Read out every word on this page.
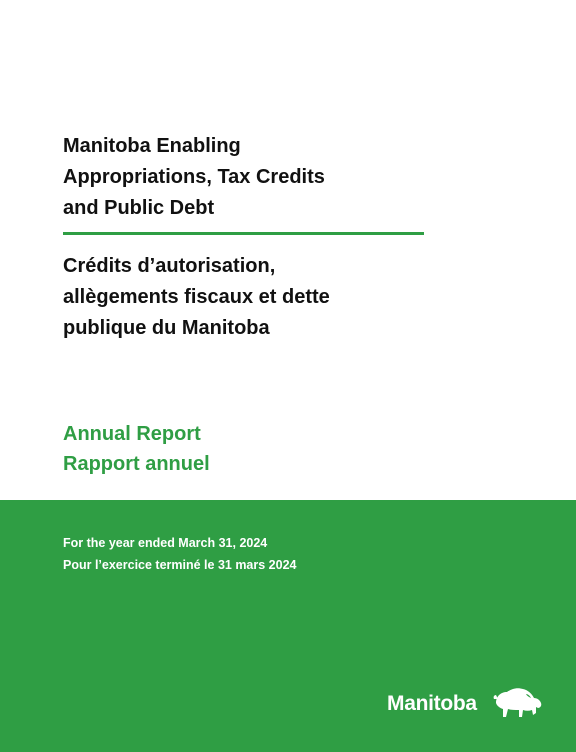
Manitoba Enabling
Appropriations, Tax Credits
and Public Debt
Crédits d’autorisation,
allègements fiscaux et dette
publique du Manitoba
Annual Report
Rapport annuel
For the year ended March 31, 2024
Pour l’exercice terminé le 31 mars 2024
Manitoba
